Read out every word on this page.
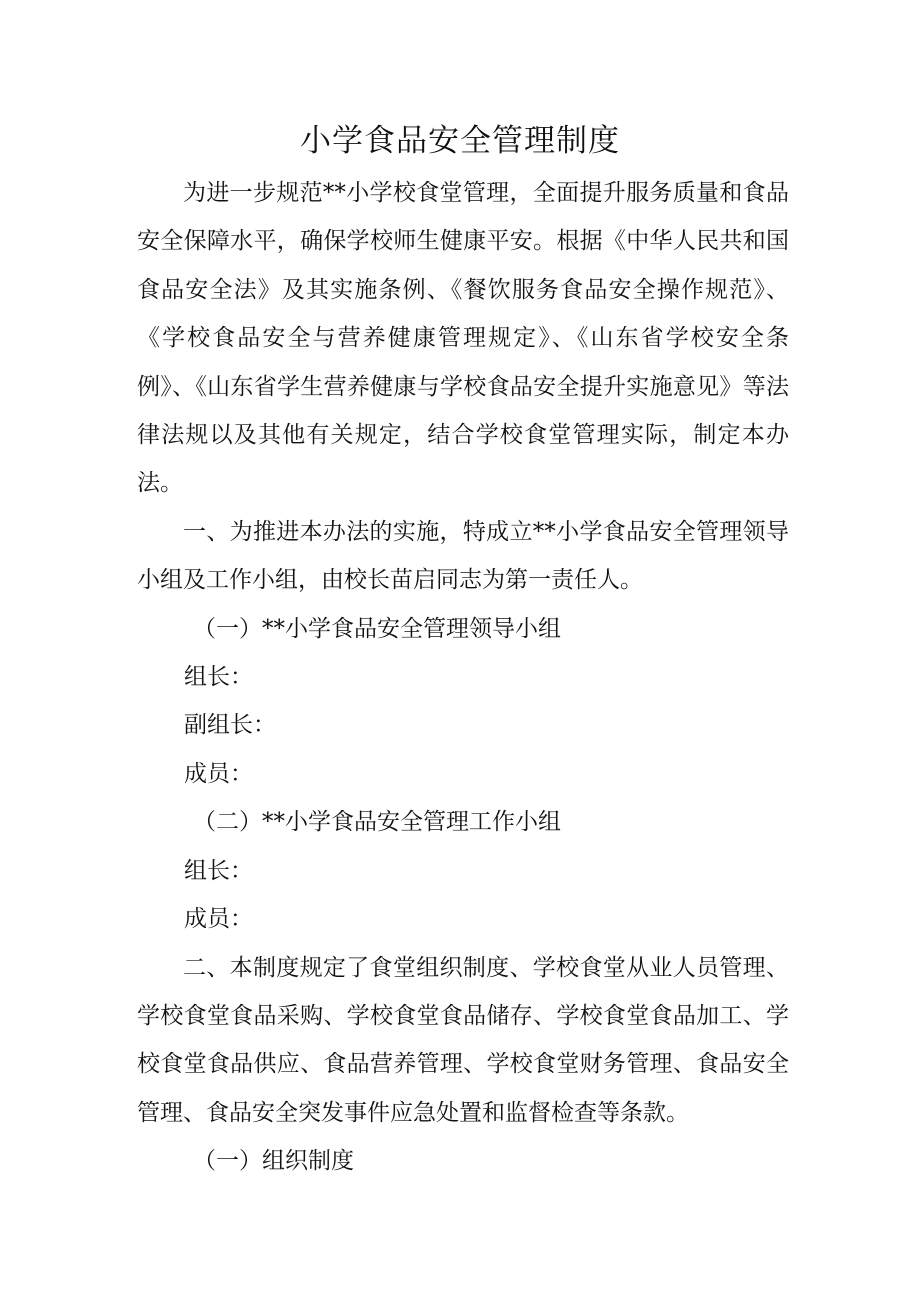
小学食品安全管理制度

为进一步规范**小学校食堂管理，全面提升服务质量和食品安全保障水平，确保学校师生健康平安。根据《中华人民共和国食品安全法》及其实施条例、《餐饮服务食品安全操作规范》、《学校食品安全与营养健康管理规定》、《山东省学校安全条例》、《山东省学生营养健康与学校食品安全提升实施意见》等法律法规以及其他有关规定，结合学校食堂管理实际，制定本办法。

一、为推进本办法的实施，特成立**小学食品安全管理领导小组及工作小组，由校长苗启同志为第一责任人。

（一）**小学食品安全管理领导小组

组长：

副组长：

成员：

（二）**小学食品安全管理工作小组

组长：

成员：

二、本制度规定了食堂组织制度、学校食堂从业人员管理、学校食堂食品采购、学校食堂食品储存、学校食堂食品加工、学校食堂食品供应、食品营养管理、学校食堂财务管理、食品安全管理、食品安全突发事件应急处置和监督检查等条款。

（一）组织制度
